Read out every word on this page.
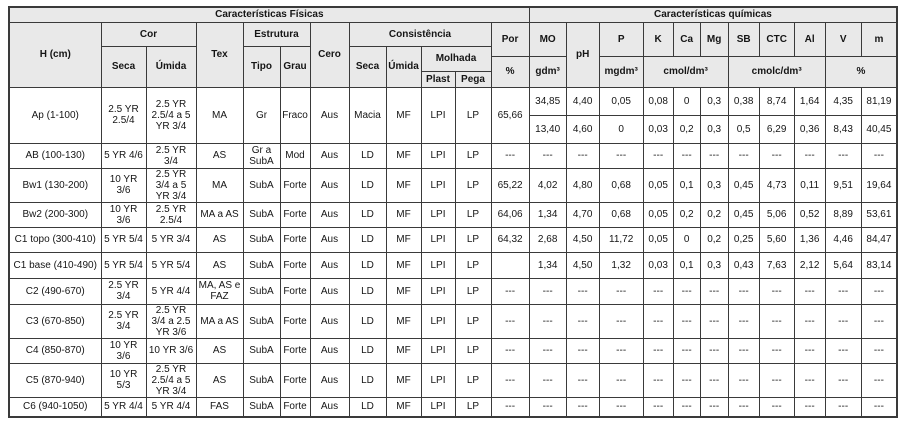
Características Físicas												Características químicas										
H (cm)	Cor		Tex	Estrutura		Cero	Consistência				Por	MO	pH	P	K	Ca	Mg	SB	CTC	Al	V	m
	Seca	Úmida		Tipo	Grau		Seca	Úmida	Molhada													
											%	gdm³		mgdm³	cmol/dm³			cmolc/dm³			%	
									Plast	Pega												
Ap (1-100)	2.5 YR 2.5/4	2.5 YR 2.5/4 a 5 YR 3/4	MA	Gr	Fraco	Aus	Macia	MF	LPI	LP	65,66	34,85	4,40	0,05	0,08	0	0,3	0,38	8,74	1,64	4,35	81,19
												13,40	4,60	0	0,03	0,2	0,3	0,5	6,29	0,36	8,43	40,45
AB (100-130)	5 YR 4/6	2.5 YR 3/4	AS	Gr a SubA	Mod	Aus	LD	MF	LPI	LP	---	---	---	---	---	---	---	---	---	---	---	---
Bw1 (130-200)	10 YR 3/6	2.5 YR 3/4 a 5 YR 3/4	MA	SubA	Forte	Aus	LD	MF	LPI	LP	65,22	4,02	4,80	0,68	0,05	0,1	0,3	0,45	4,73	0,11	9,51	19,64
Bw2 (200-300)	10 YR 3/6	2.5 YR 2.5/4	MA a AS	SubA	Forte	Aus	LD	MF	LPI	LP	64,06	1,34	4,70	0,68	0,05	0,2	0,2	0,45	5,06	0,52	8,89	53,61
C1 topo (300-410)	5 YR 5/4	5 YR 3/4	AS	SubA	Forte	Aus	LD	MF	LPI	LP	64,32	2,68	4,50	11,72	0,05	0	0,2	0,25	5,60	1,36	4,46	84,47
C1 base (410-490)	5 YR 5/4	5 YR 5/4	AS	SubA	Forte	Aus	LD	MF	LPI	LP		1,34	4,50	1,32	0,03	0,1	0,3	0,43	7,63	2,12	5,64	83,14
C2 (490-670)	2.5 YR 3/4	5 YR 4/4	MA, AS e FAZ	SubA	Forte	Aus	LD	MF	LPI	LP	---	---	---	---	---	---	---	---	---	---	---	---
C3 (670-850)	2.5 YR 3/4	2.5 YR 3/4 a 2.5 YR 3/6	MA a AS	SubA	Forte	Aus	LD	MF	LPI	LP	---	---	---	---	---	---	---	---	---	---	---	---
C4 (850-870)	10 YR 3/6	10 YR 3/6	AS	SubA	Forte	Aus	LD	MF	LPI	LP	---	---	---	---	---	---	---	---	---	---	---	---
C5 (870-940)	10 YR 5/3	2.5 YR 2.5/4 a 5 YR 3/4	AS	SubA	Forte	Aus	LD	MF	LPI	LP	---	---	---	---	---	---	---	---	---	---	---	---
C6 (940-1050)	5 YR 4/4	5 YR 4/4	FAS	SubA	Forte	Aus	LD	MF	LPI	LP	---	---	---	---	---	---	---	---	---	---	---	---
